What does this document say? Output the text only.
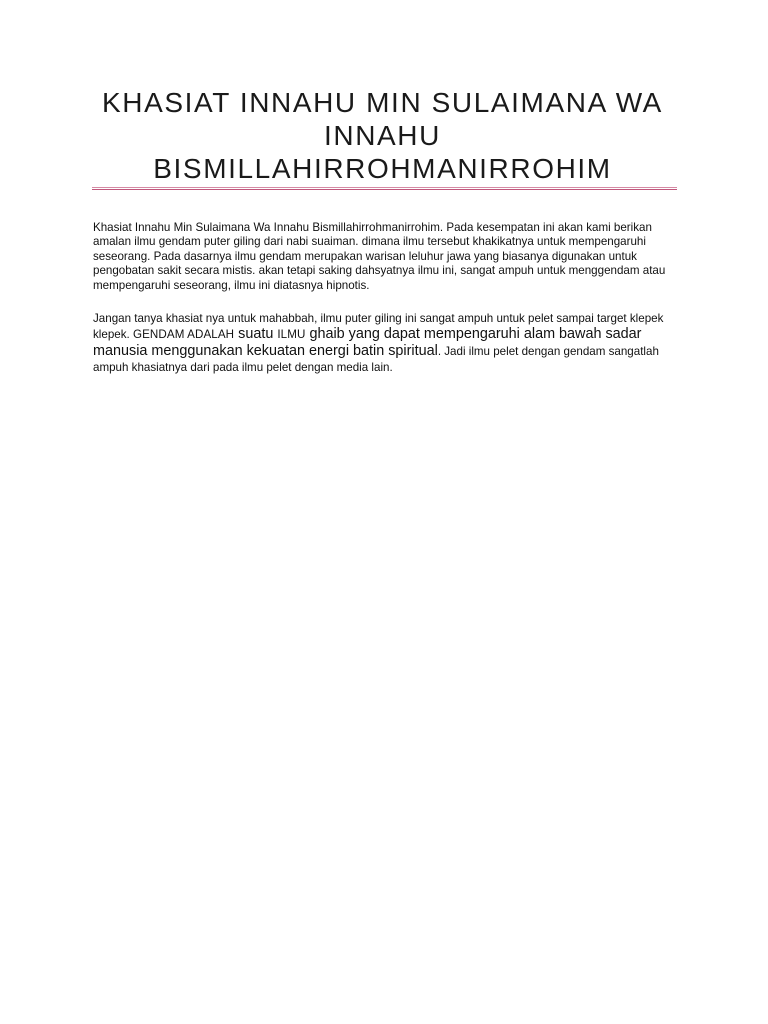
KHASIAT INNAHU MIN SULAIMANA WA
INNAHU
BISMILLAHIRROHMANIRROHIM

Khasiat Innahu Min Sulaimana Wa Innahu Bismillahirrohmanirrohim. Pada kesempatan ini akan kami berikan amalan ilmu gendam puter giling dari nabi suaiman. dimana ilmu tersebut khakikatnya untuk mempengaruhi seseorang. Pada dasarnya ilmu gendam merupakan warisan leluhur jawa yang biasanya digunakan untuk pengobatan sakit secara mistis. akan tetapi saking dahsyatnya ilmu ini, sangat ampuh untuk menggendam atau mempengaruhi seseorang, ilmu ini diatasnya hipnotis.

Jangan tanya khasiat nya untuk mahabbah, ilmu puter giling ini sangat ampuh untuk pelet sampai target klepek klepek. GENDAM ADALAH suatu ILMU ghaib yang dapat mempengaruhi alam bawah sadar manusia menggunakan kekuatan energi batin spiritual. Jadi ilmu pelet dengan gendam sangatlah ampuh khasiatnya dari pada ilmu pelet dengan media lain.
